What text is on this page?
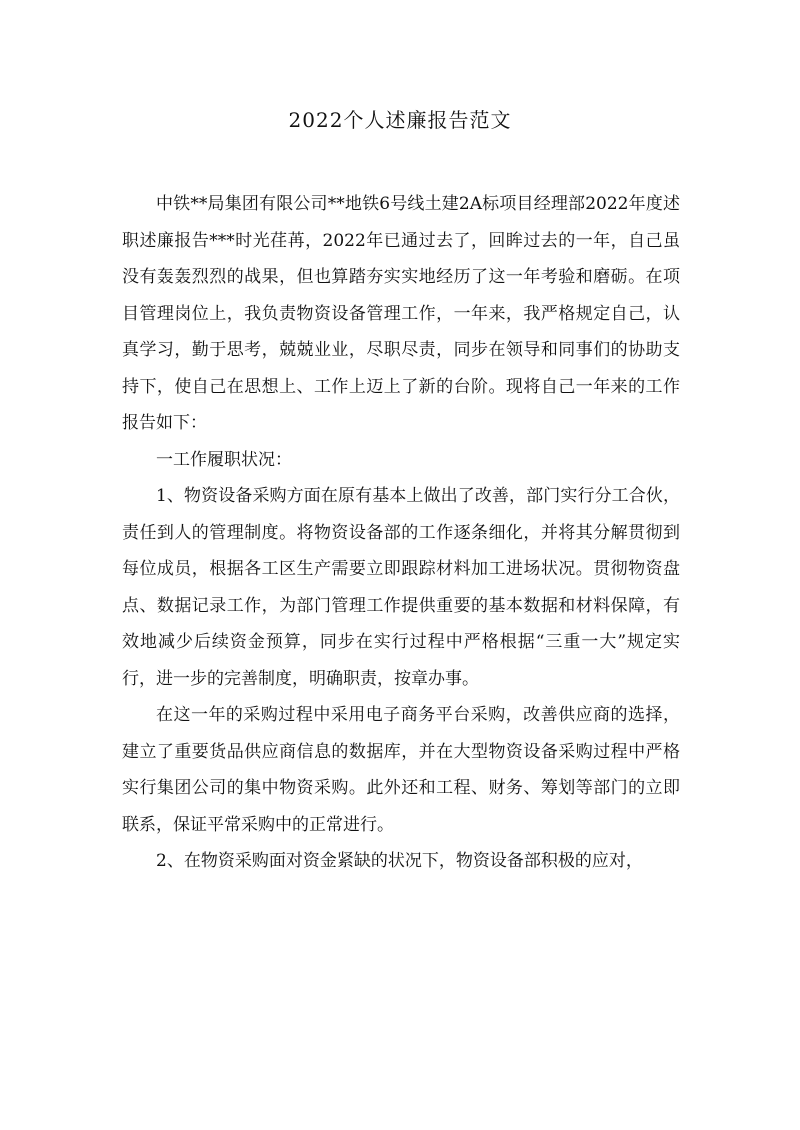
2022个人述廉报告范文

中铁**局集团有限公司**地铁6号线土建2A标项目经理部2022年度述职述廉报告***时光荏苒，2022年已通过去了，回眸过去的一年，自己虽没有轰轰烈烈的战果，但也算踏夯实实地经历了这一年考验和磨砺。在项目管理岗位上，我负责物资设备管理工作，一年来，我严格规定自己，认真学习，勤于思考，兢兢业业，尽职尽责，同步在领导和同事们的协助支持下，使自己在思想上、工作上迈上了新的台阶。现将自己一年来的工作报告如下：

一工作履职状况：

1、物资设备采购方面在原有基本上做出了改善，部门实行分工合伙，责任到人的管理制度。将物资设备部的工作逐条细化，并将其分解贯彻到每位成员，根据各工区生产需要立即跟踪材料加工进场状况。贯彻物资盘点、数据记录工作，为部门管理工作提供重要的基本数据和材料保障，有效地减少后续资金预算，同步在实行过程中严格根据“三重一大”规定实行，进一步的完善制度，明确职责，按章办事。

在这一年的采购过程中采用电子商务平台采购，改善供应商的选择，建立了重要货品供应商信息的数据库，并在大型物资设备采购过程中严格实行集团公司的集中物资采购。此外还和工程、财务、筹划等部门的立即联系，保证平常采购中的正常进行。

2、在物资采购面对资金紧缺的状况下，物资设备部积极的应对，
